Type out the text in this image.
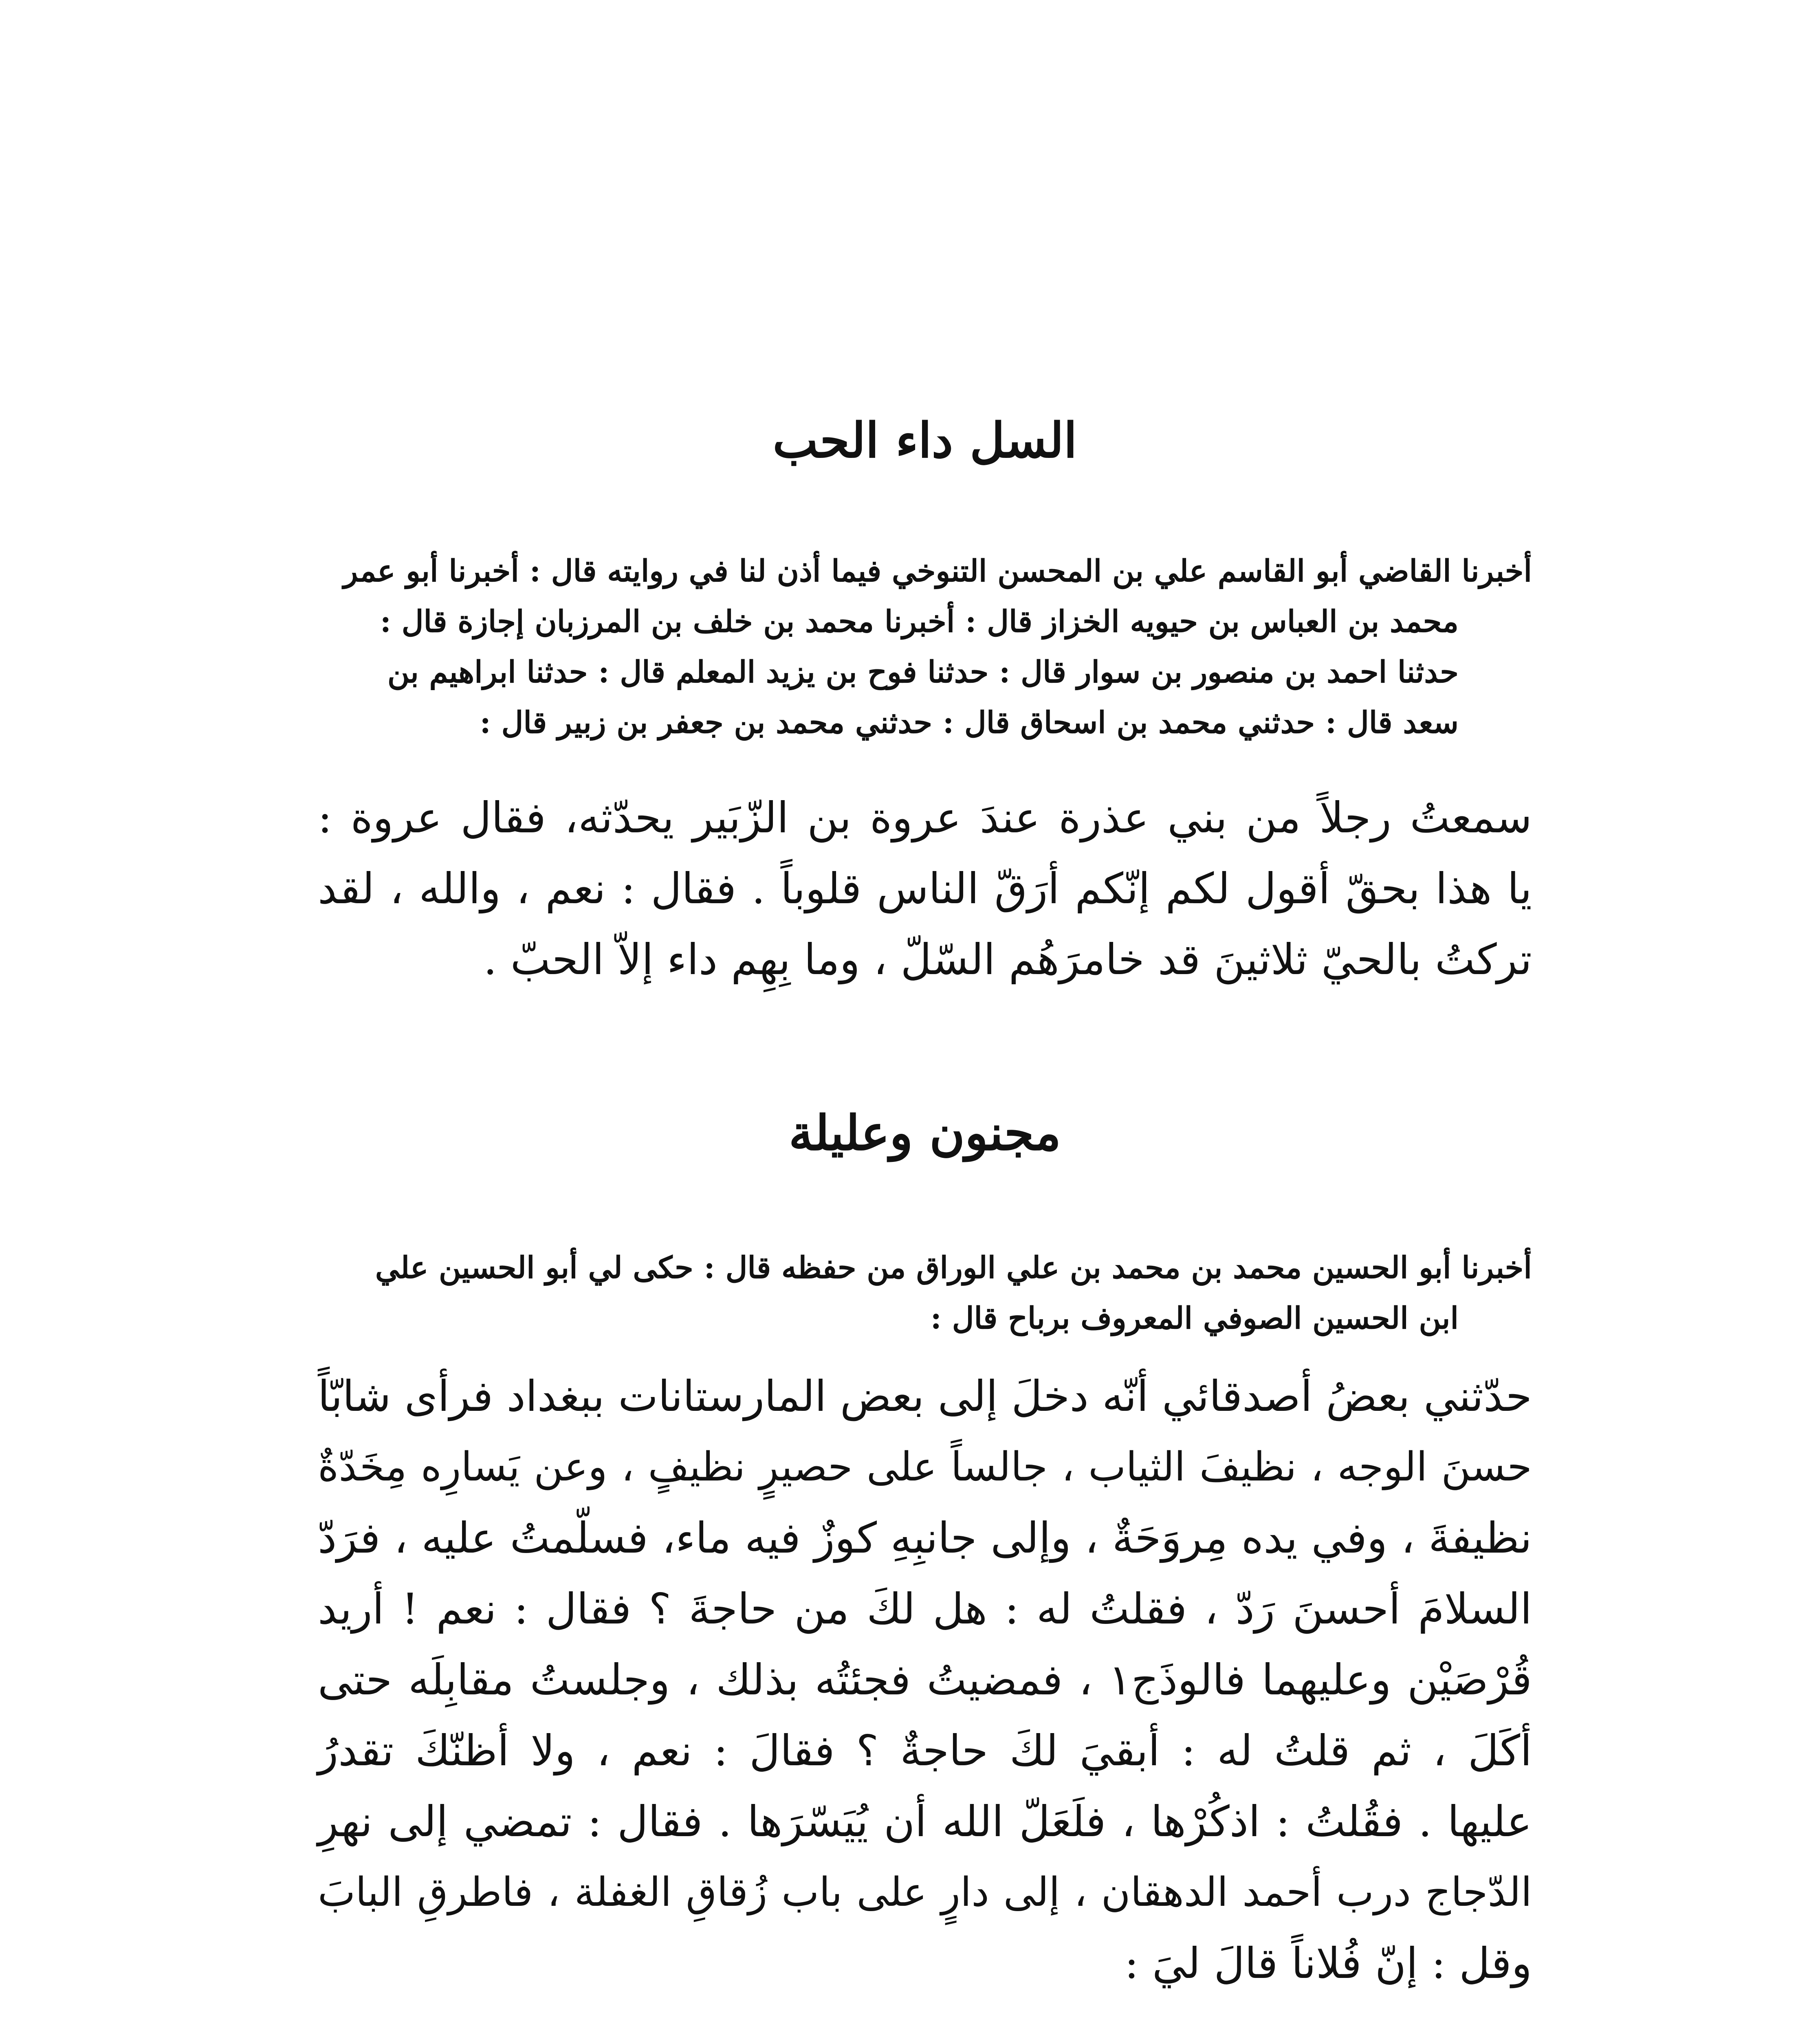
السل داء الحب
أخبرنا القاضي أبو القاسم علي بن المحسن التنوخي فيما أذن لنا في روايته قال : أخبرنا أبو عمر
محمد بن العباس بن حيويه الخزاز قال : أخبرنا محمد بن خلف بن المرزبان إجازة قال :
حدثنا احمد بن منصور بن سوار قال : حدثنا فوح بن يزيد المعلم قال : حدثنا ابراهيم بن
سعد قال : حدثني محمد بن اسحاق قال : حدثني محمد بن جعفر بن زبير قال :
سمعتُ رجلاً من بني عذرة عندَ عروة بن الزّبَير يحدّثه، فقال عروة :
يا هذا بحقّ أقول لكم إنّكم أرَقّ الناس قلوباً . فقال : نعم ، والله ، لقد
تركتُ بالحيّ ثلاثينَ قد خامرَهُم السّلّ ، وما بِهِم داء إلاّ الحبّ .
مجنون وعليلة
أخبرنا أبو الحسين محمد بن محمد بن علي الوراق من حفظه قال : حكى لي أبو الحسين علي
ابن الحسين الصوفي المعروف برباح قال :
حدّثني بعضُ أصدقائي أنّه دخلَ إلى بعض المارستانات ببغداد فرأى شابّاً
حسنَ الوجه ، نظيفَ الثياب ، جالساً على حصيرٍ نظيفٍ ، وعن يَسارِه مِخَدّةٌ
نظيفةَ ، وفي يده مِروَحَةٌ ، وإلى جانبِهِ كوزٌ فيه ماء، فسلّمتُ عليه ، فرَدّ
السلامَ أحسنَ رَدّ ، فقلتُ له : هل لكَ من حاجةَ ؟ فقال : نعم ! أريد
قُرْصَيْن وعليهما فالوذَج١ ، فمضيتُ فجئتُه بذلك ، وجلستُ مقابِلَه حتى
أكَلَ ، ثم قلتُ له : أبقيَ لكَ حاجةٌ ؟ فقالَ : نعم ، ولا أظنّكَ تقدرُ
عليها . فقُلتُ : اذكُرْها ، فلَعَلّ الله أن يُيَسّرَها . فقال : تمضي إلى نهرِ
الدّجاج درب أحمد الدهقان ، إلى دارٍ على باب زُقاقِ الغفلة ، فاطرقِ البابَ
وقل : إنّ فُلاناً قالَ ليَ :
